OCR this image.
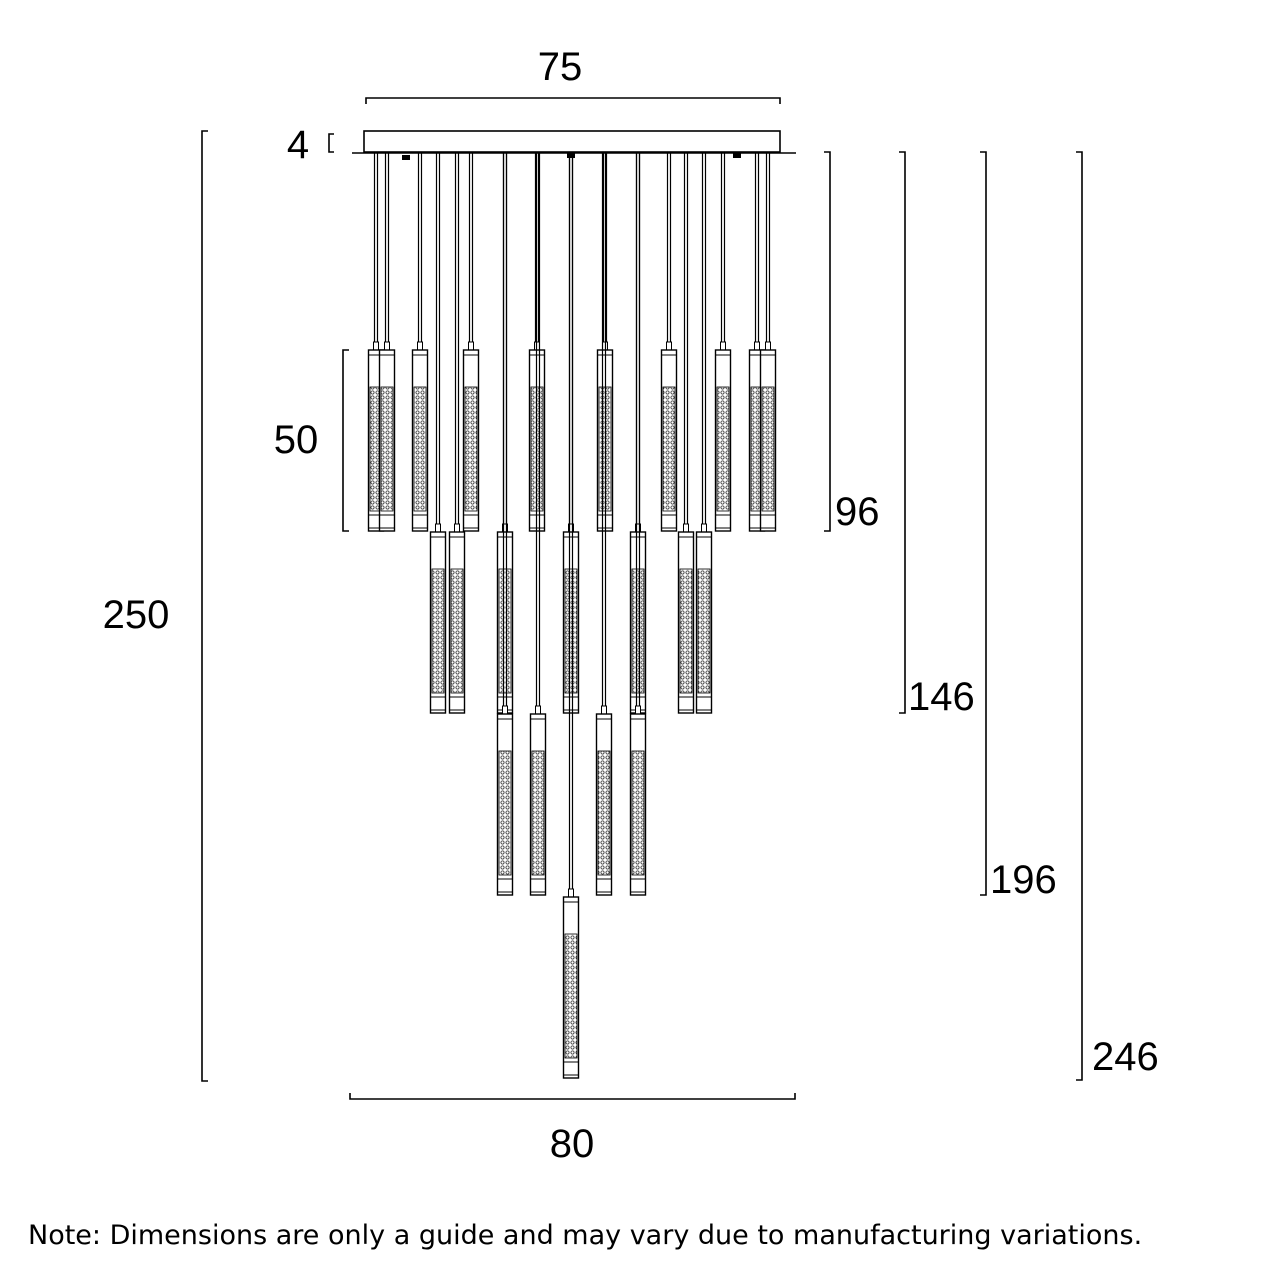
75
4
50
250
80
96
146
196
246
Note: Dimensions are only a guide and may vary due to manufacturing variations.
